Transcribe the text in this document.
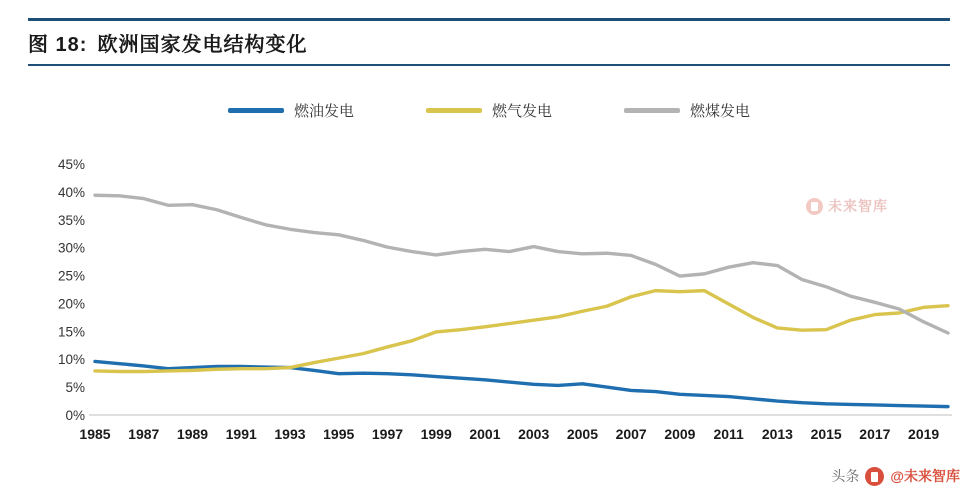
图 18: 欧洲国家发电结构变化
燃油发电	燃气发电	燃煤发电
0%
5%
10%
15%
20%
25%
30%
35%
40%
45%
1985 1987 1989 1991 1993 1995 1997 1999 2001 2003 2005 2007 2009 2011 2013 2015 2017 2019
未来智库
头条 @未来智库
